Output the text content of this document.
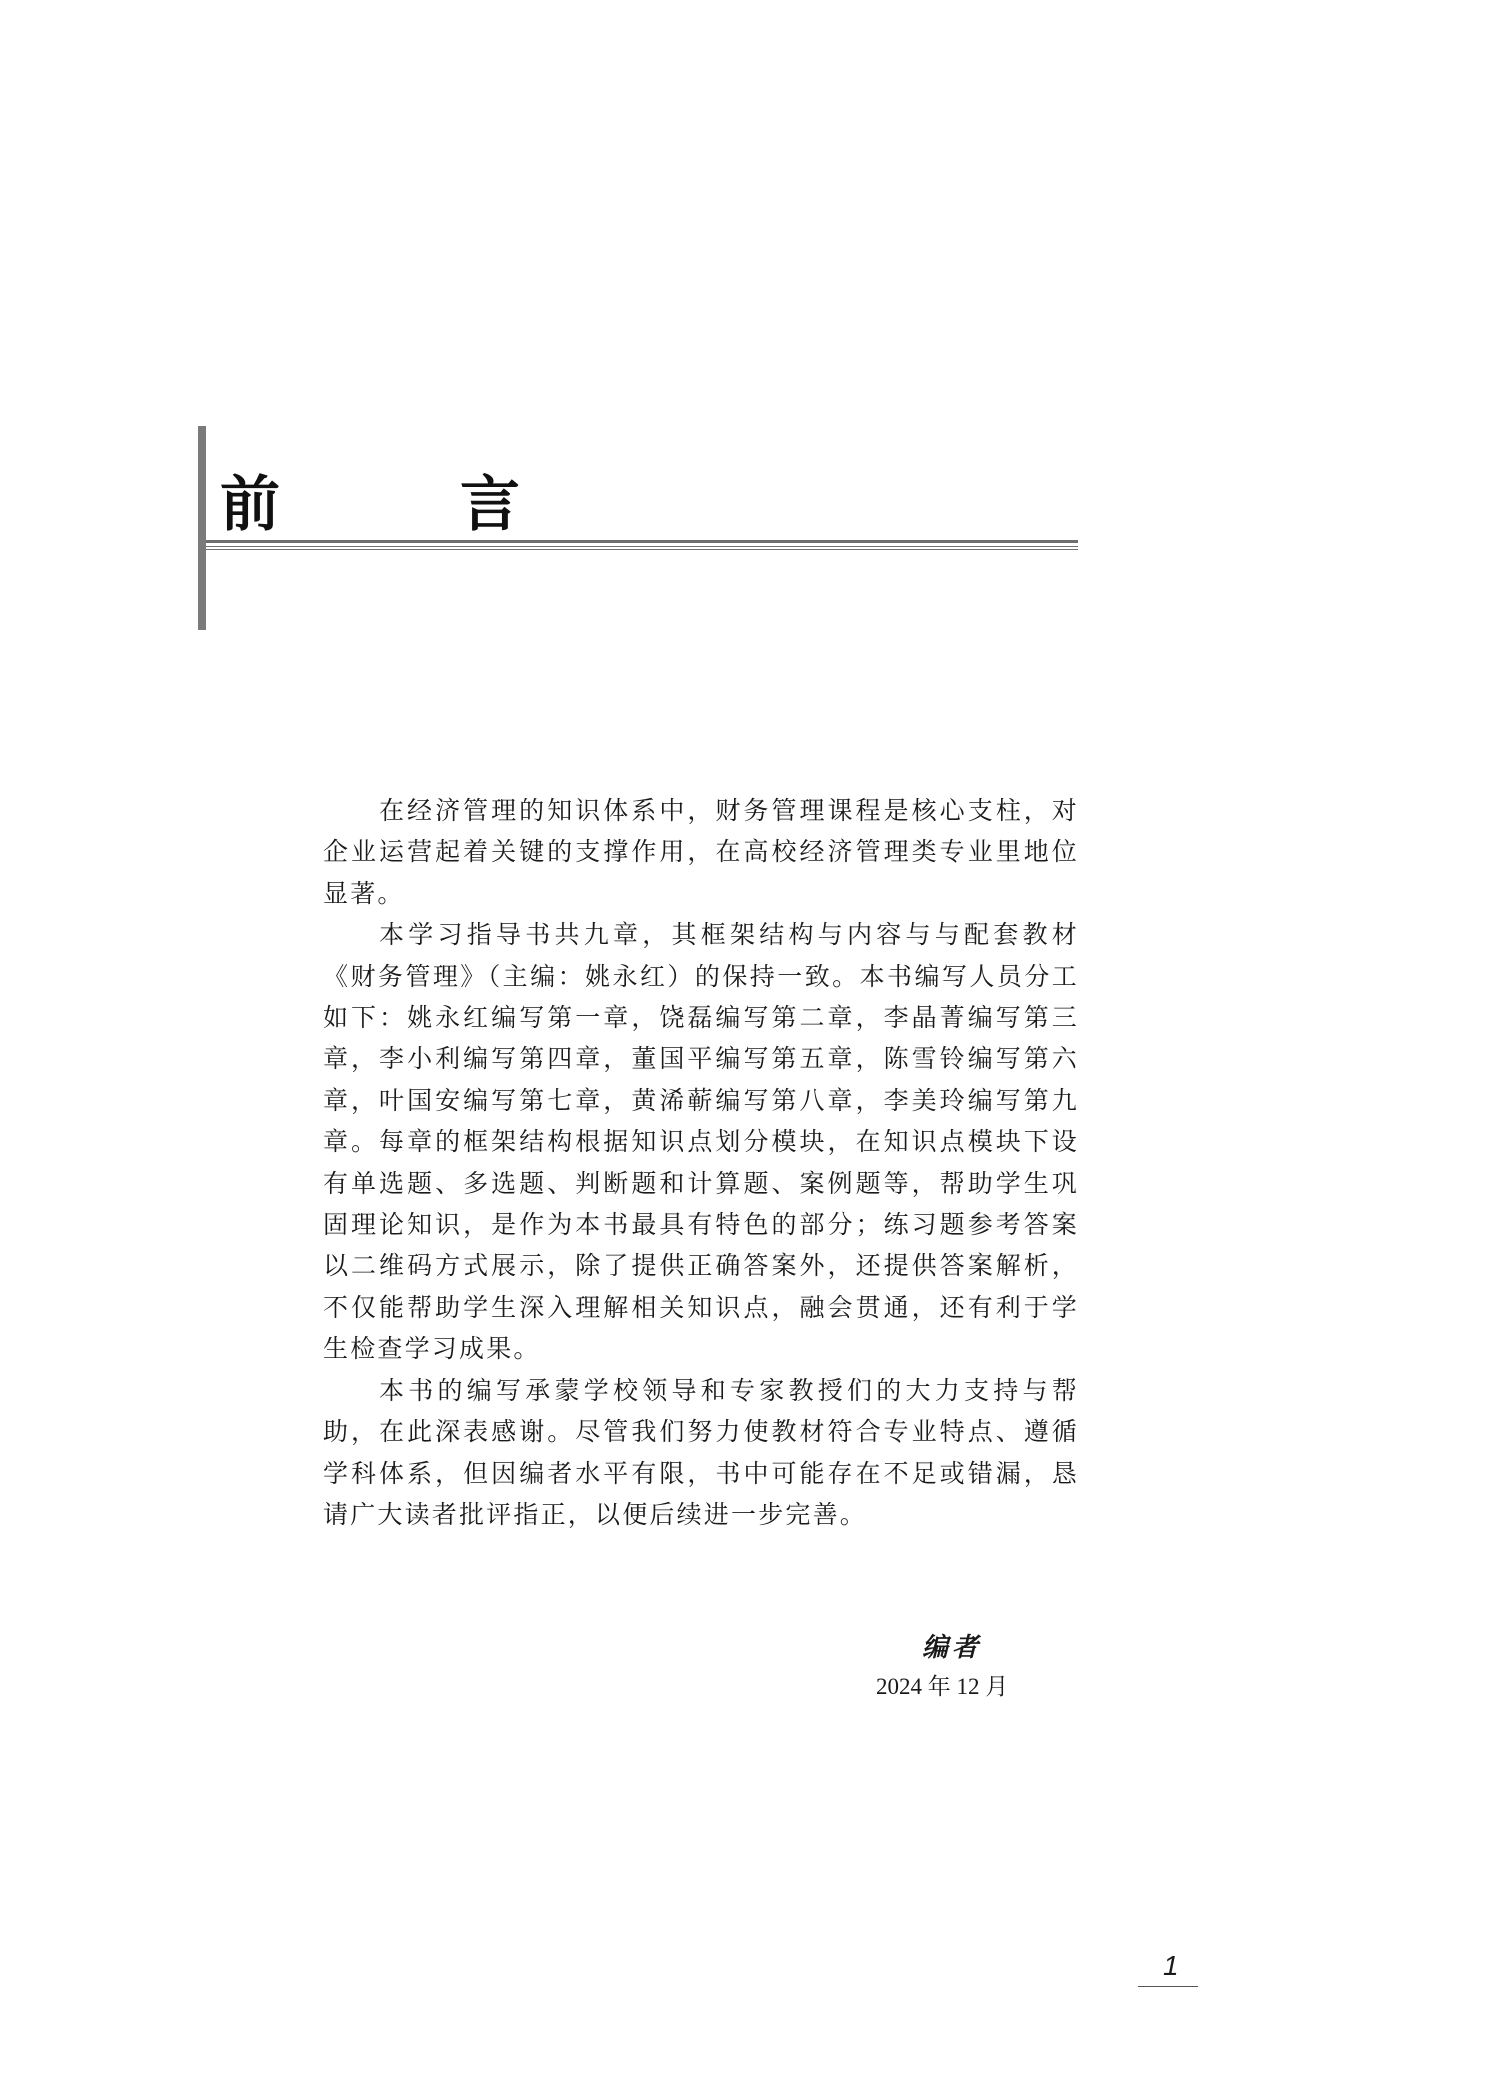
前　言

在经济管理的知识体系中，财务管理课程是核心支柱，对企业运营起着关键的支撑作用，在高校经济管理类专业里地位显著。

本学习指导书共九章，其框架结构与内容与与配套教材《财务管理》（主编：姚永红）的保持一致。本书编写人员分工如下：姚永红编写第一章，饶磊编写第二章，李晶菁编写第三章，李小利编写第四章，董国平编写第五章，陈雪铃编写第六章，叶国安编写第七章，黄浠蕲编写第八章，李美玲编写第九章。每章的框架结构根据知识点划分模块，在知识点模块下设有单选题、多选题、判断题和计算题、案例题等，帮助学生巩固理论知识，是作为本书最具有特色的部分；练习题参考答案以二维码方式展示，除了提供正确答案外，还提供答案解析，不仅能帮助学生深入理解相关知识点，融会贯通，还有利于学生检查学习成果。

本书的编写承蒙学校领导和专家教授们的大力支持与帮助，在此深表感谢。尽管我们努力使教材符合专业特点、遵循学科体系，但因编者水平有限，书中可能存在不足或错漏，恳请广大读者批评指正，以便后续进一步完善。

编者
2024 年 12 月
1
